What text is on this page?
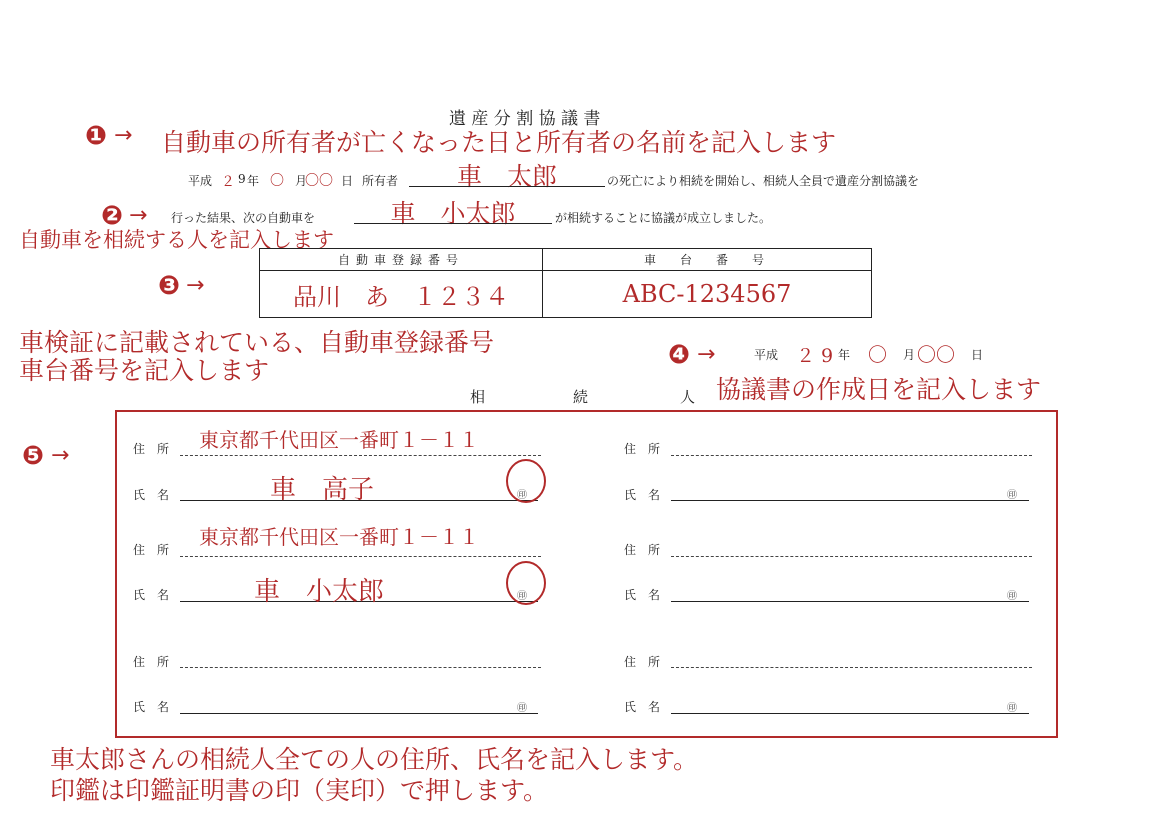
遺 産 分 割 協 議 書
❶ → 自動車の所有者が亡くなった日と所有者の名前を記入します
平成 ２ 9 年 〇 月
〇〇 日 所有者	車　太郎	の死亡により相続を開始し、相続人全員で遺産分割協議を
❷ → 行った結果、次の自動車を	車　小太郎	が相続することに協議が成立しました。
自動車を相続する人を記入します
❸ →
自動車登録番号	車　台　番　号
品川　あ　１２３４	ABC-1234567
車検証に記載されている、自動車登録番号
車台番号を記入します
❹ →	平成 ２ 9 年 〇 月 〇〇 日
協議書の作成日を記入します
相	続	人
❺ →	住　所 東京都千代田区一番町１－１１
氏　名	車　高子	㊞
住　所
東京都千代田区一番町１－１１
氏　名	車　小太郎	㊞
住　所
氏　名	㊞
住　所
氏　名	㊞
住　所
氏　名	㊞
住　所
氏　名	㊞
車太郎さんの相続人全ての人の住所、氏名を記入します。
印鑑は印鑑証明書の印（実印）で押します。
